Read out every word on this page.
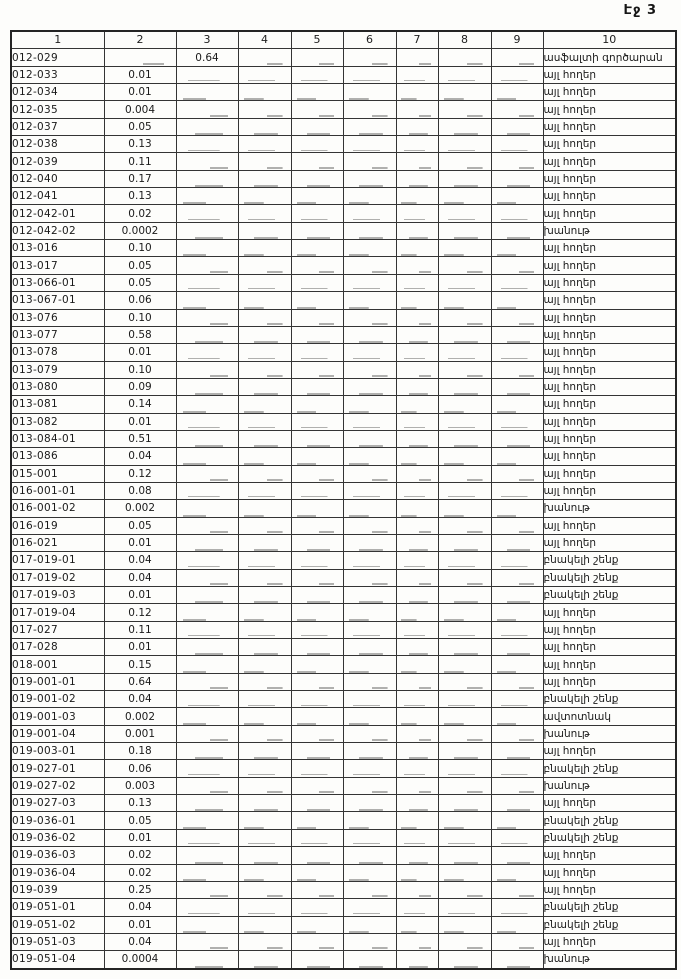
Էջ 3
1	2	3	4	5	6	7	8	9	10
012-029		0.64							ասֆալտի գործարան
012-033	0.01								այլ հողեր
012-034	0.01								այլ հողեր
012-035	0.004								այլ հողեր
012-037	0.05								այլ հողեր
012-038	0.13								այլ հողեր
012-039	0.11								այլ հողեր
012-040	0.17								այլ հողեր
012-041	0.13								այլ հողեր
012-042-01	0.02								այլ հողեր
012-042-02	0.0002								խանութ
013-016	0.10								այլ հողեր
013-017	0.05								այլ հողեր
013-066-01	0.05								այլ հողեր
013-067-01	0.06								այլ հողեր
013-076	0.10								այլ հողեր
013-077	0.58								այլ հողեր
013-078	0.01								այլ հողեր
013-079	0.10								այլ հողեր
013-080	0.09								այլ հողեր
013-081	0.14								այլ հողեր
013-082	0.01								այլ հողեր
013-084-01	0.51								այլ հողեր
013-086	0.04								այլ հողեր
015-001	0.12								այլ հողեր
016-001-01	0.08								այլ հողեր
016-001-02	0.002								խանութ
016-019	0.05								այլ հողեր
016-021	0.01								այլ հողեր
017-019-01	0.04								բնակելի շենք
017-019-02	0.04								բնակելի շենք
017-019-03	0.01								բնակելի շենք
017-019-04	0.12								այլ հողեր
017-027	0.11								այլ հողեր
017-028	0.01								այլ հողեր
018-001	0.15								այլ հողեր
019-001-01	0.64								այլ հողեր
019-001-02	0.04								բնակելի շենք
019-001-03	0.002								ավտոտնակ
019-001-04	0.001								խանութ
019-003-01	0.18								այլ հողեր
019-027-01	0.06								բնակելի շենք
019-027-02	0.003								խանութ
019-027-03	0.13								այլ հողեր
019-036-01	0.05								բնակելի շենք
019-036-02	0.01								բնակելի շենք
019-036-03	0.02								այլ հողեր
019-036-04	0.02								այլ հողեր
019-039	0.25								այլ հողեր
019-051-01	0.04								բնակելի շենք
019-051-02	0.01								բնակելի շենք
019-051-03	0.04								այլ հողեր
019-051-04	0.0004								խանութ
